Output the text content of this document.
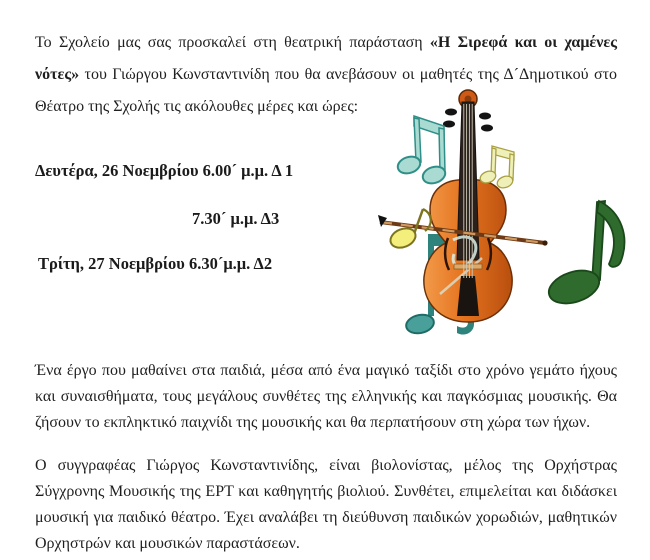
Το Σχολείο μας σας προσκαλεί στη θεατρική παράσταση «Η Σιρεφά και οι χαμένες νότες» του Γιώργου Κωνσταντινίδη που θα ανεβάσουν οι μαθητές της Δ´Δημοτικού στο Θέατρο της Σχολής τις ακόλουθες μέρες και ώρες:

Δευτέρα, 26 Νοεμβρίου 6.00´ μ.μ. Δ 1
7.30´ μ.μ. Δ3
Τρίτη, 27 Νοεμβρίου 6.30´μ.μ. Δ2

Ένα έργο που μαθαίνει στα παιδιά, μέσα από ένα μαγικό ταξίδι στο χρόνο γεμάτο ήχους και συναισθήματα, τους μεγάλους συνθέτες της ελληνικής και παγκόσμιας μουσικής. Θα ζήσουν το εκπληκτικό παιχνίδι της μουσικής και θα περπατήσουν στη χώρα των ήχων.

Ο συγγραφέας Γιώργος Κωνσταντινίδης, είναι βιολονίστας, μέλος της Ορχήστρας Σύγχρονης Μουσικής της ΕΡΤ και καθηγητής βιολιού. Συνθέτει, επιμελείται και διδάσκει μουσική για παιδικό θέατρο. Έχει αναλάβει τη διεύθυνση παιδικών χορωδιών, μαθητικών Ορχηστρών και μουσικών παραστάσεων.
